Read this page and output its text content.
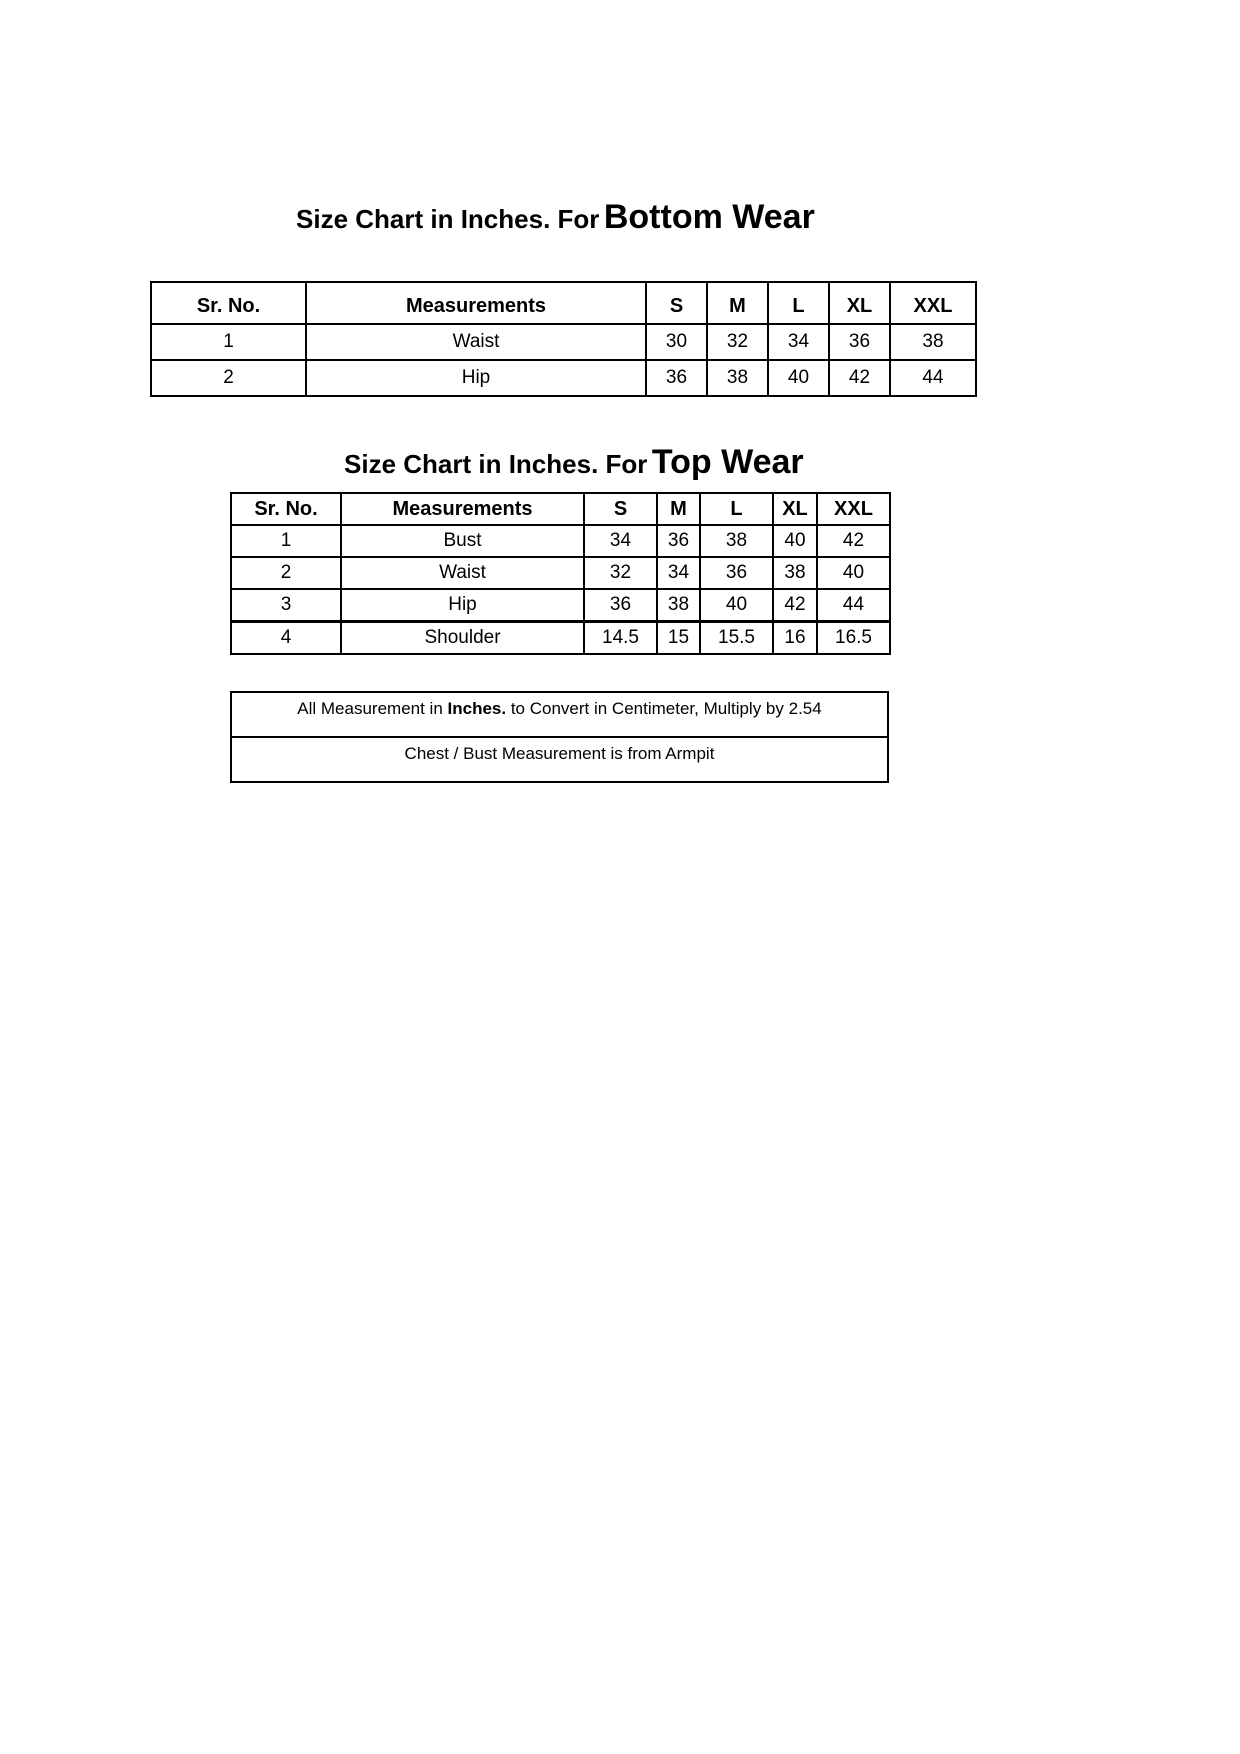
Size Chart in Inches. For Bottom Wear
Sr. No.	Measurements	S	M	L	XL	XXL
1	Waist	30	32	34	36	38
2	Hip	36	38	40	42	44
Size Chart in Inches. For Top Wear
Sr. No.	Measurements	S	M	L	XL	XXL
1	Bust	34	36	38	40	42
2	Waist	32	34	36	38	40
3	Hip	36	38	40	42	44
4	Shoulder	14.5	15	15.5	16	16.5
All Measurement in Inches. to Convert in Centimeter, Multiply by 2.54
Chest / Bust Measurement is from Armpit
